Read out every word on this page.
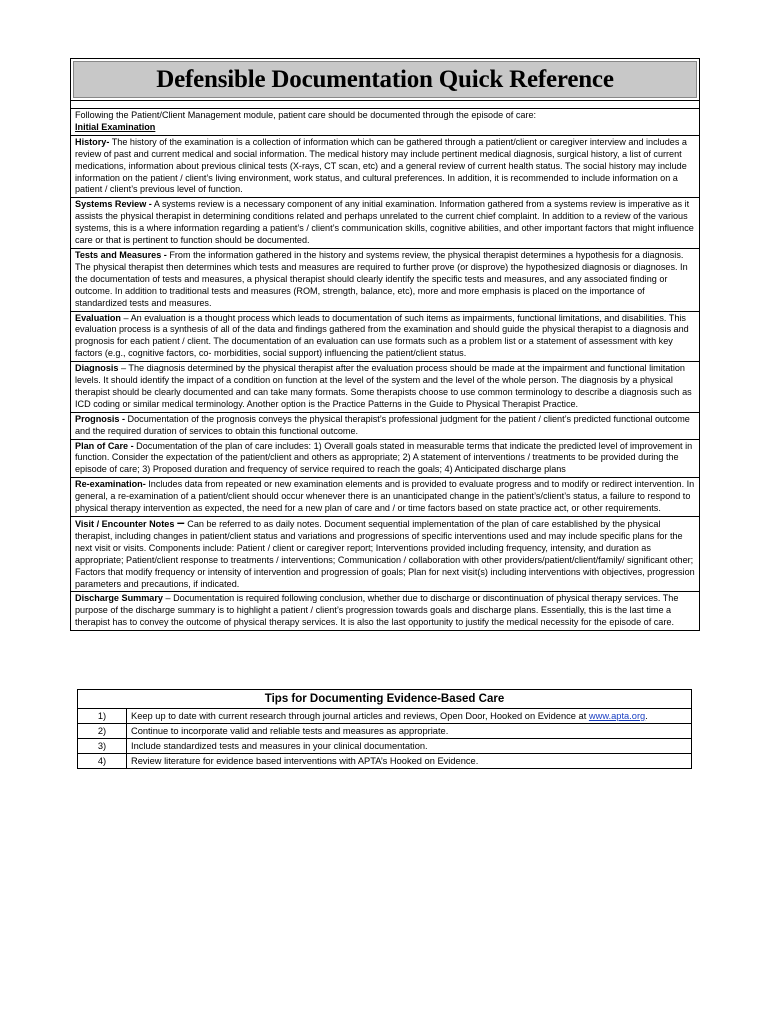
Defensible Documentation Quick Reference

Following the Patient/Client Management module, patient care should be documented through the episode of care:
Initial Examination

History- The history of the examination is a collection of information which can be gathered through a patient/client or caregiver interview and includes a review of past and current medical and social information. The medical history may include pertinent medical diagnosis, surgical history, a list of current medications, information about previous clinical tests (X-rays, CT scan, etc) and a general review of current health status. The social history may include information on the patient / client’s living environment, work status, and cultural preferences. In addition, it is recommended to include information on a patient / client’s previous level of function.
Systems Review - A systems review is a necessary component of any initial examination. Information gathered from a systems review is imperative as it assists the physical therapist in determining conditions related and perhaps unrelated to the current chief complaint. In addition to a review of the various systems, this is a where information regarding a patient’s / client’s communication skills, cognitive abilities, and other important factors that might influence care or that is pertinent to function should be documented.
Tests and Measures - From the information gathered in the history and systems review, the physical therapist determines a hypothesis for a diagnosis. The physical therapist then determines which tests and measures are required to further prove (or disprove) the hypothesized diagnosis or diagnoses. In the documentation of tests and measures, a physical therapist should clearly identify the specific tests and measures, and any associated finding or outcome. In addition to traditional tests and measures (ROM, strength, balance, etc), more and more emphasis is placed on the importance of standardized tests and measures.
Evaluation – An evaluation is a thought process which leads to documentation of such items as impairments, functional limitations, and disabilities. This evaluation process is a synthesis of all of the data and findings gathered from the examination and should guide the physical therapist to a diagnosis and prognosis for each patient / client. The documentation of an evaluation can use formats such as a problem list or a statement of assessment with key factors (e.g., cognitive factors, co- morbidities, social support) influencing the patient/client status.
Diagnosis – The diagnosis determined by the physical therapist after the evaluation process should be made at the impairment and functional limitation levels. It should identify the impact of a condition on function at the level of the system and the level of the whole person. The diagnosis by a physical therapist should be clearly documented and can take many formats. Some therapists choose to use common terminology to describe a diagnosis such as ICD coding or similar medical terminology. Another option is the Practice Patterns in the Guide to Physical Therapist Practice.
Prognosis - Documentation of the prognosis conveys the physical therapist’s professional judgment for the patient / client’s predicted functional outcome and the required duration of services to obtain this functional outcome.
Plan of Care - Documentation of the plan of care includes: 1) Overall goals stated in measurable terms that indicate the predicted level of improvement in function. Consider the expectation of the patient/client and others as appropriate; 2) A statement of interventions / treatments to be provided during the episode of care; 3) Proposed duration and frequency of service required to reach the goals; 4) Anticipated discharge plans
Re-examination- Includes data from repeated or new examination elements and is provided to evaluate progress and to modify or redirect intervention. In general, a re-examination of a patient/client should occur whenever there is an unanticipated change in the patient’s/client’s status, a failure to respond to physical therapy intervention as expected, the need for a new plan of care and / or time factors based on state practice act, or other requirements.
Visit / Encounter Notes – Can be referred to as daily notes. Document sequential implementation of the plan of care established by the physical therapist, including changes in patient/client status and variations and progressions of specific interventions used and may include specific plans for the next visit or visits. Components include: Patient / client or caregiver report; Interventions provided including frequency, intensity, and duration as appropriate; Patient/client response to treatments / interventions; Communication / collaboration with other providers/patient/client/family/ significant other; Factors that modify frequency or intensity of intervention and progression of goals; Plan for next visit(s) including interventions with objectives, progression parameters and precautions, if indicated.
Discharge Summary – Documentation is required following conclusion, whether due to discharge or discontinuation of physical therapy services. The purpose of the discharge summary is to highlight a patient / client’s progression towards goals and discharge plans. Essentially, this is the last time a therapist has to convey the outcome of physical therapy services. It is also the last opportunity to justify the medical necessity for the episode of care.
Tips for Documenting Evidence-Based Care	
1)	Keep up to date with current research through journal articles and reviews, Open Door, Hooked on Evidence at www.apta.org.
2)	Continue to incorporate valid and reliable tests and measures as appropriate.
3)	Include standardized tests and measures in your clinical documentation.
4)	Review literature for evidence based interventions with APTA’s Hooked on Evidence.
